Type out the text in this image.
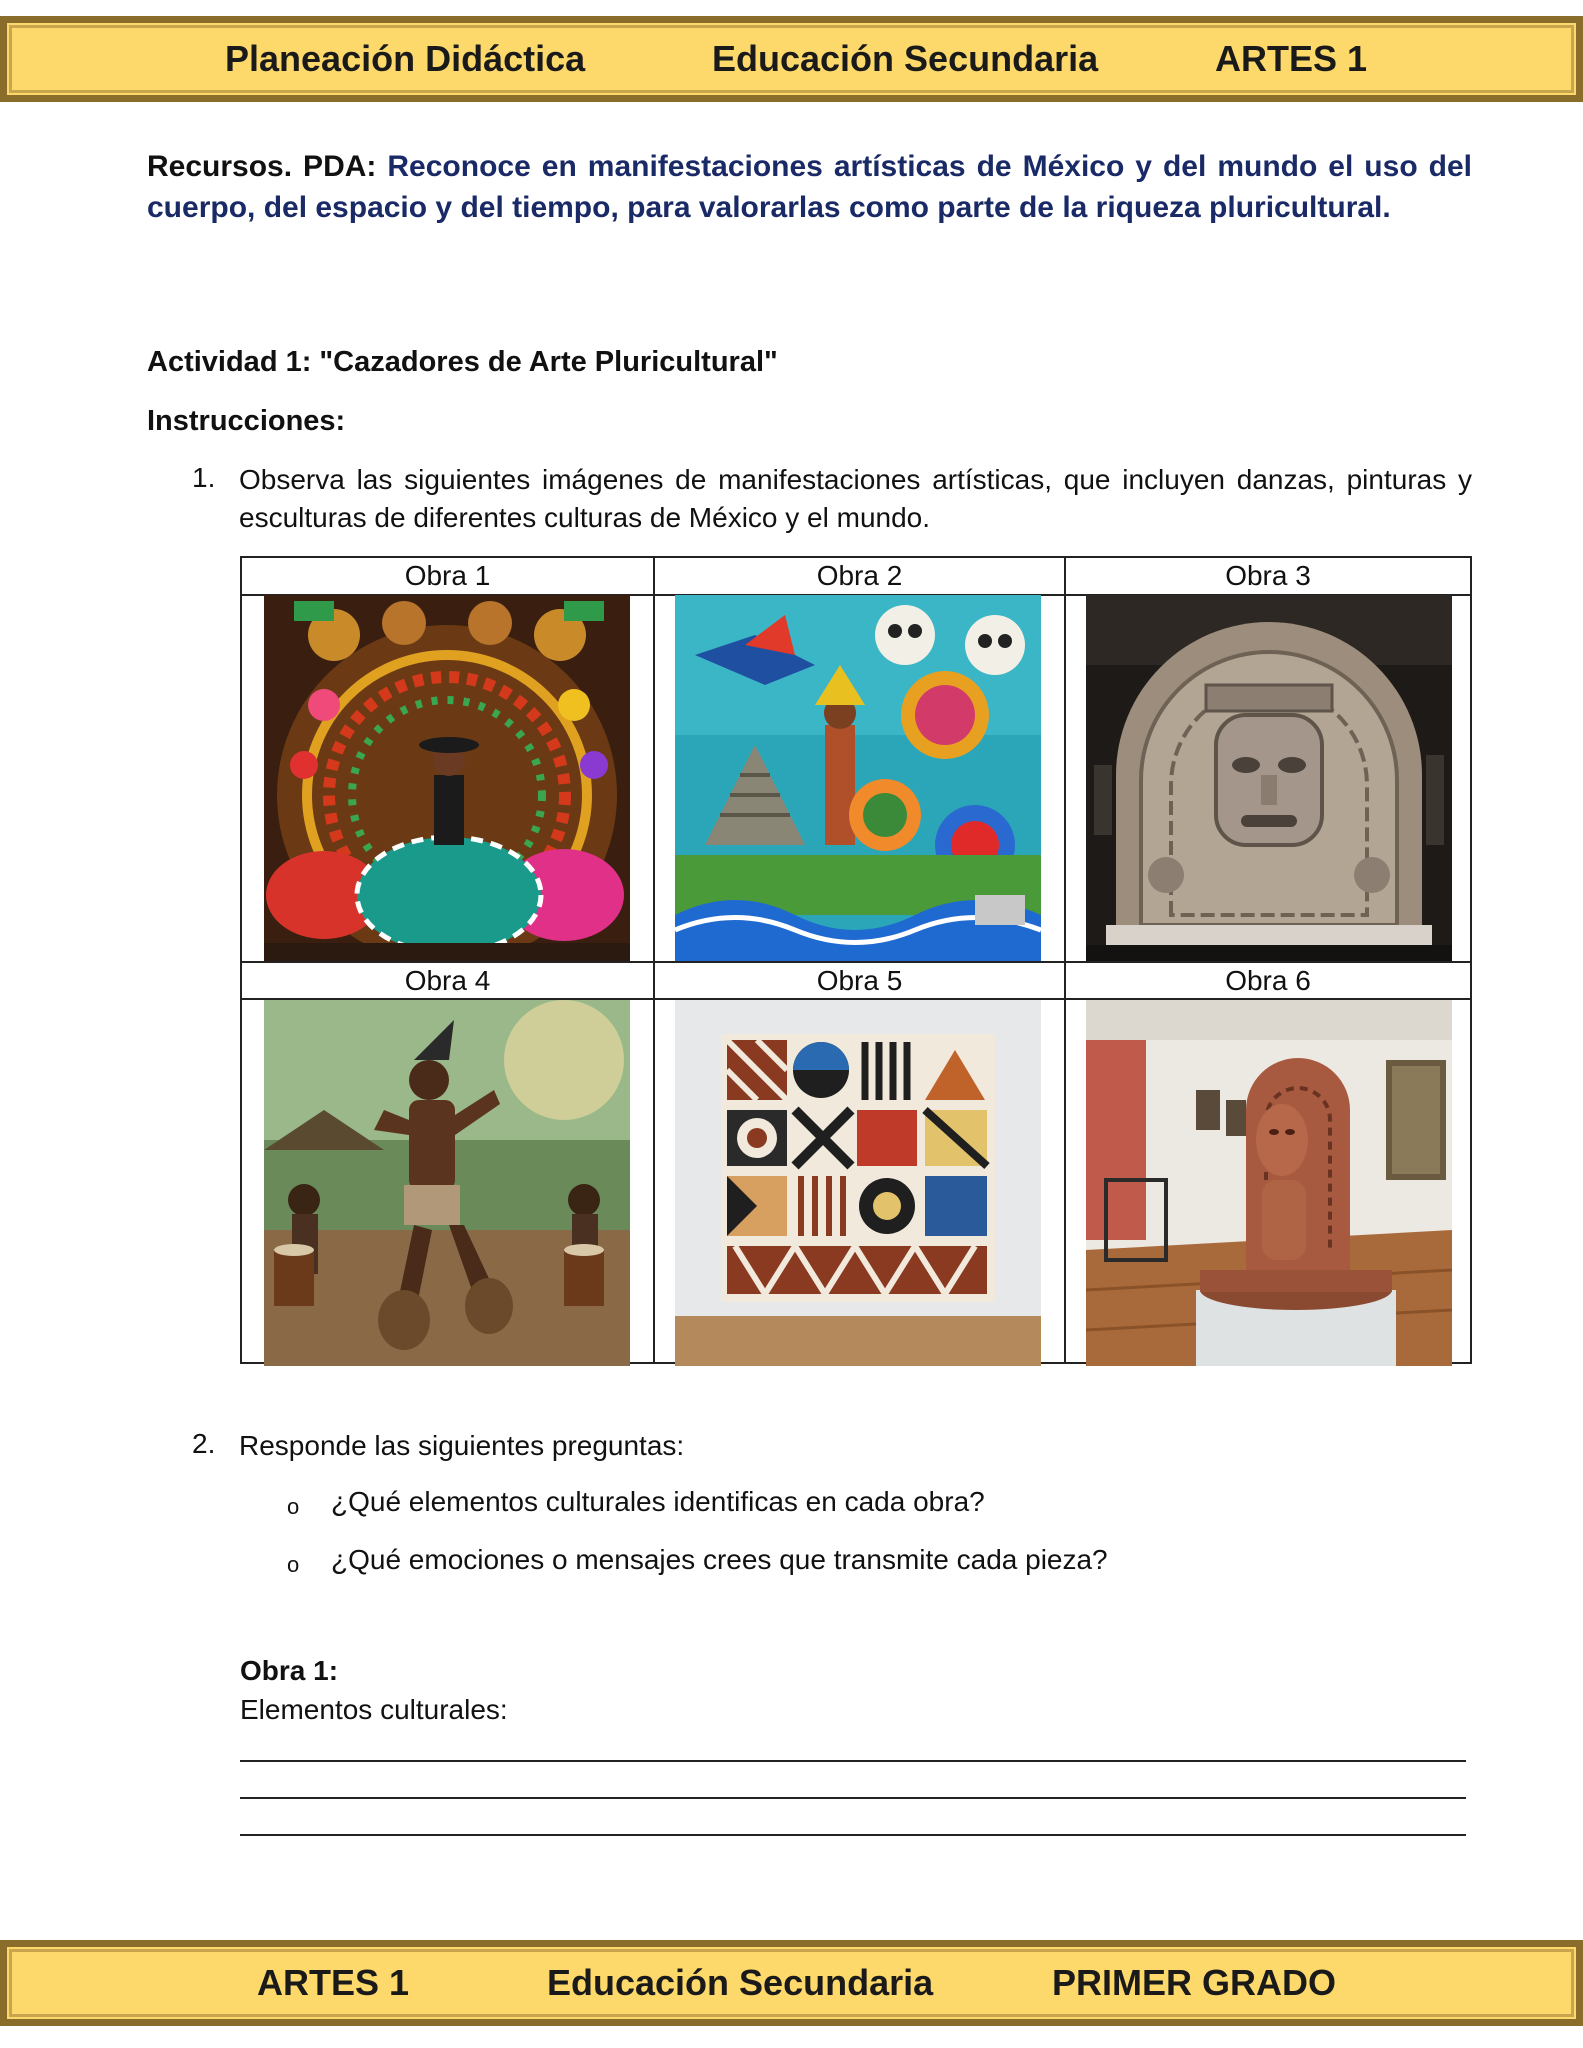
Planeación Didáctica	Educación Secundaria	ARTES 1
Recursos. PDA: Reconoce en manifestaciones artísticas de México y del mundo el uso del cuerpo, del espacio y del tiempo, para valorarlas como parte de la riqueza pluricultural.
Actividad 1: "Cazadores de Arte Pluricultural"
Instrucciones:
1. Observa las siguientes imágenes de manifestaciones artísticas, que incluyen danzas, pinturas y esculturas de diferentes culturas de México y el mundo.
Obra 1	Obra 2	Obra 3
Obra 4	Obra 5	Obra 6
2. Responde las siguientes preguntas:
o ¿Qué elementos culturales identificas en cada obra?
o ¿Qué emociones o mensajes crees que transmite cada pieza?
Obra 1:
Elementos culturales:
ARTES 1	Educación Secundaria	PRIMER GRADO
